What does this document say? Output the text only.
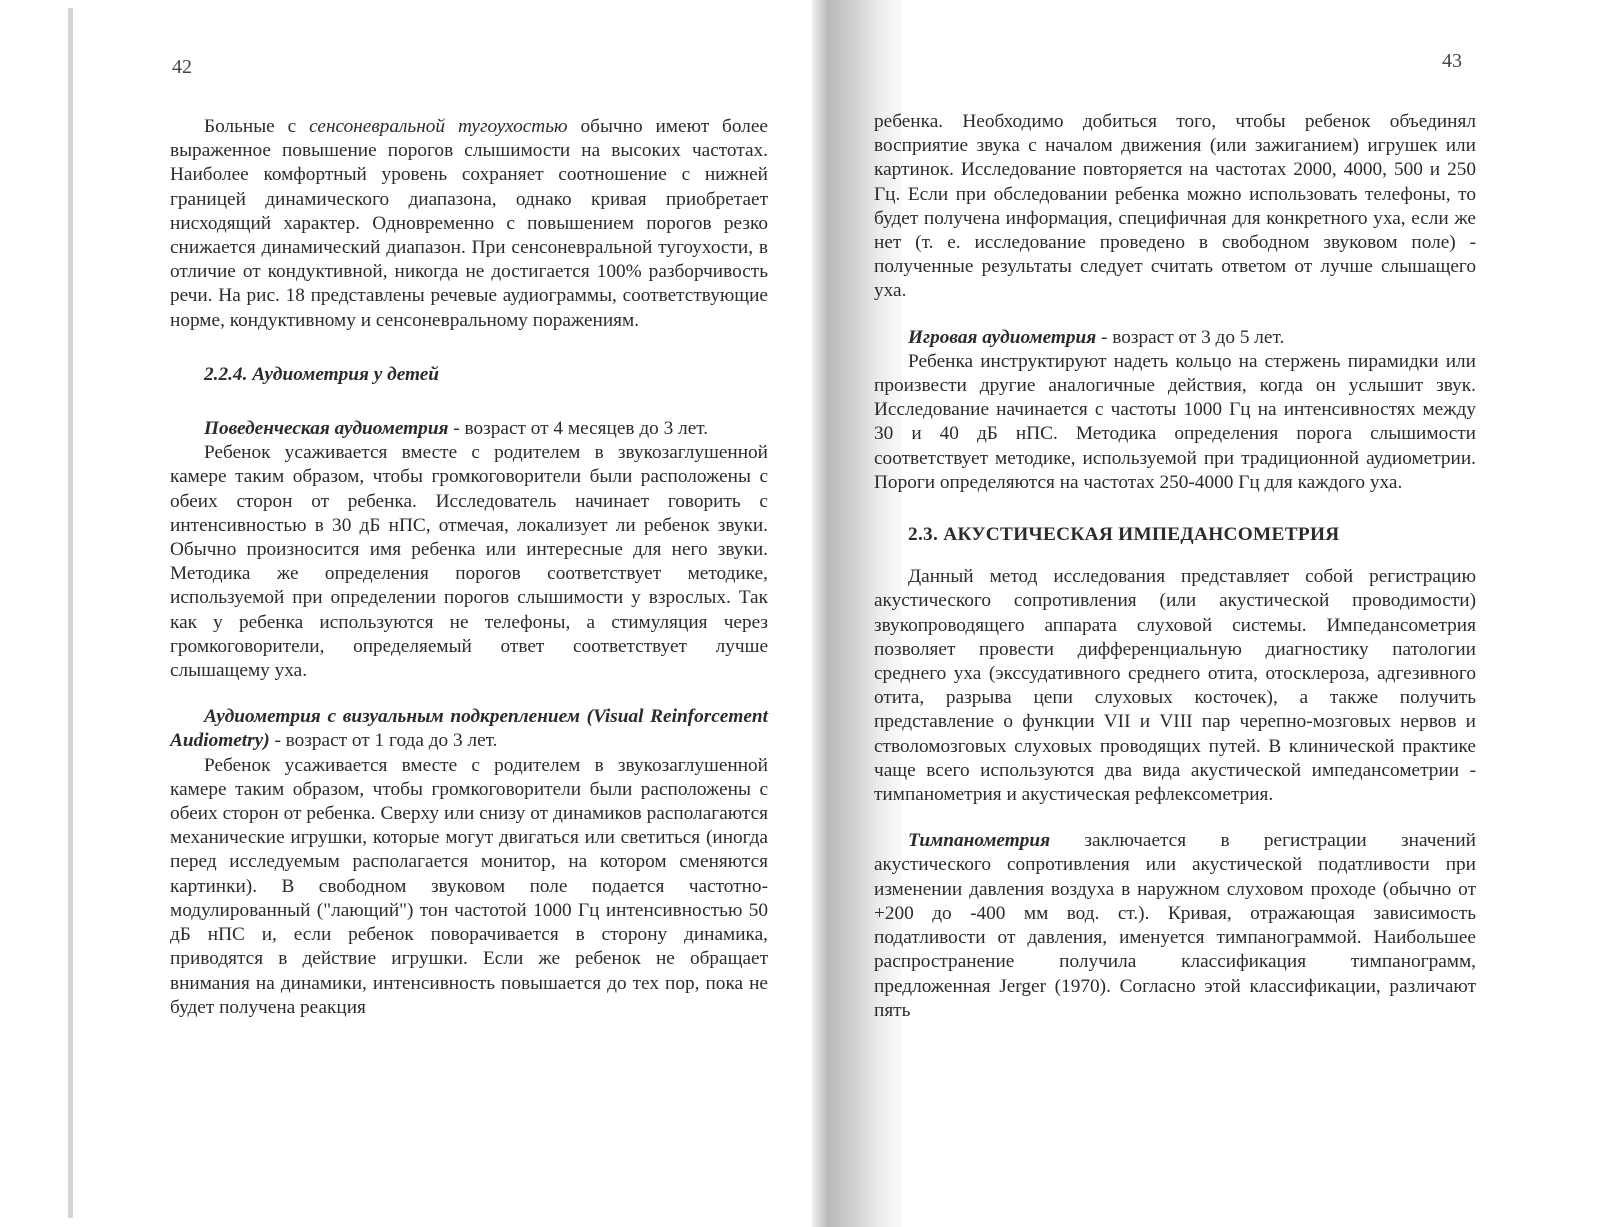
42

Больные с сенсоневральной тугоухостью обычно имеют более выраженное повышение порогов слышимости на высоких частотах. Наиболее комфортный уровень сохраняет соотношение с нижней границей динамического диапазона, однако кривая приобретает нисходящий характер. Одновременно с повышением порогов резко снижается динамический диапазон. При сенсоневральной тугоухости, в отличие от кондуктивной, никогда не достигается 100% разборчивость речи. На рис. 18 представлены речевые аудиограммы, соответствующие норме, кондуктивному и сенсоневральному поражениям.

2.2.4. Аудиометрия у детей

Поведенческая аудиометрия - возраст от 4 месяцев до 3 лет.

Ребенок усаживается вместе с родителем в звукозаглушенной камере таким образом, чтобы громкоговорители были расположены с обеих сторон от ребенка. Исследователь начинает говорить с интенсивностью в 30 дБ нПС, отмечая, локализует ли ребенок звуки. Обычно произносится имя ребенка или интересные для него звуки. Методика же определения порогов соответствует методике, используемой при определении порогов слышимости у взрослых. Так как у ребенка используются не телефоны, а стимуляция через громкоговорители, определяемый ответ соответствует лучше слышащему уха.

Аудиометрия с визуальным подкреплением (Visual Reinforcement Audiometry) - возраст от 1 года до 3 лет.

Ребенок усаживается вместе с родителем в звукозаглушенной камере таким образом, чтобы громкоговорители были расположены с обеих сторон от ребенка. Сверху или снизу от динамиков располагаются механические игрушки, которые могут двигаться или светиться (иногда перед исследуемым располагается монитор, на котором сменяются картинки). В свободном звуковом поле подается частотно-модулированный ("лающий") тон частотой 1000 Гц интенсивностью 50 дБ нПС и, если ребенок поворачивается в сторону динамика, приводятся в действие игрушки. Если же ребенок не обращает внимания на динамики, интенсивность повышается до тех пор, пока не будет получена реакция

43

ребенка. Необходимо добиться того, чтобы ребенок объединял восприятие звука с началом движения (или зажиганием) игрушек или картинок. Исследование повторяется на частотах 2000, 4000, 500 и 250 Гц. Если при обследовании ребенка можно использовать телефоны, то будет получена информация, специфичная для конкретного уха, если же нет (т. е. исследование проведено в свободном звуковом поле) - полученные результаты следует считать ответом от лучше слышащего уха.

Игровая аудиометрия - возраст от 3 до 5 лет.

Ребенка инструктируют надеть кольцо на стержень пирамидки или произвести другие аналогичные действия, когда он услышит звук. Исследование начинается с частоты 1000 Гц на интенсивностях между 30 и 40 дБ нПС. Методика определения порога слышимости соответствует методике, используемой при традиционной аудиометрии. Пороги определяются на частотах 250-4000 Гц для каждого уха.

2.3. АКУСТИЧЕСКАЯ ИМПЕДАНСОМЕТРИЯ

Данный метод исследования представляет собой регистрацию акустического сопротивления (или акустической проводимости) звукопроводящего аппарата слуховой системы. Импедансометрия позволяет провести дифференциальную диагностику патологии среднего уха (экссудативного среднего отита, отосклероза, адгезивного отита, разрыва цепи слуховых косточек), а также получить представление о функции VII и VIII пар черепно-мозговых нервов и стволомозговых слуховых проводящих путей. В клинической практике чаще всего используются два вида акустической импедансометрии - тимпанометрия и акустическая рефлексометрия.

Тимпанометрия заключается в регистрации значений акустического сопротивления или акустической податливости при изменении давления воздуха в наружном слуховом проходе (обычно от +200 до -400 мм вод. ст.). Кривая, отражающая зависимость податливости от давления, именуется тимпанограммой. Наибольшее распространение получила классификация тимпанограмм, предложенная Jerger (1970). Согласно этой классификации, различают пять
